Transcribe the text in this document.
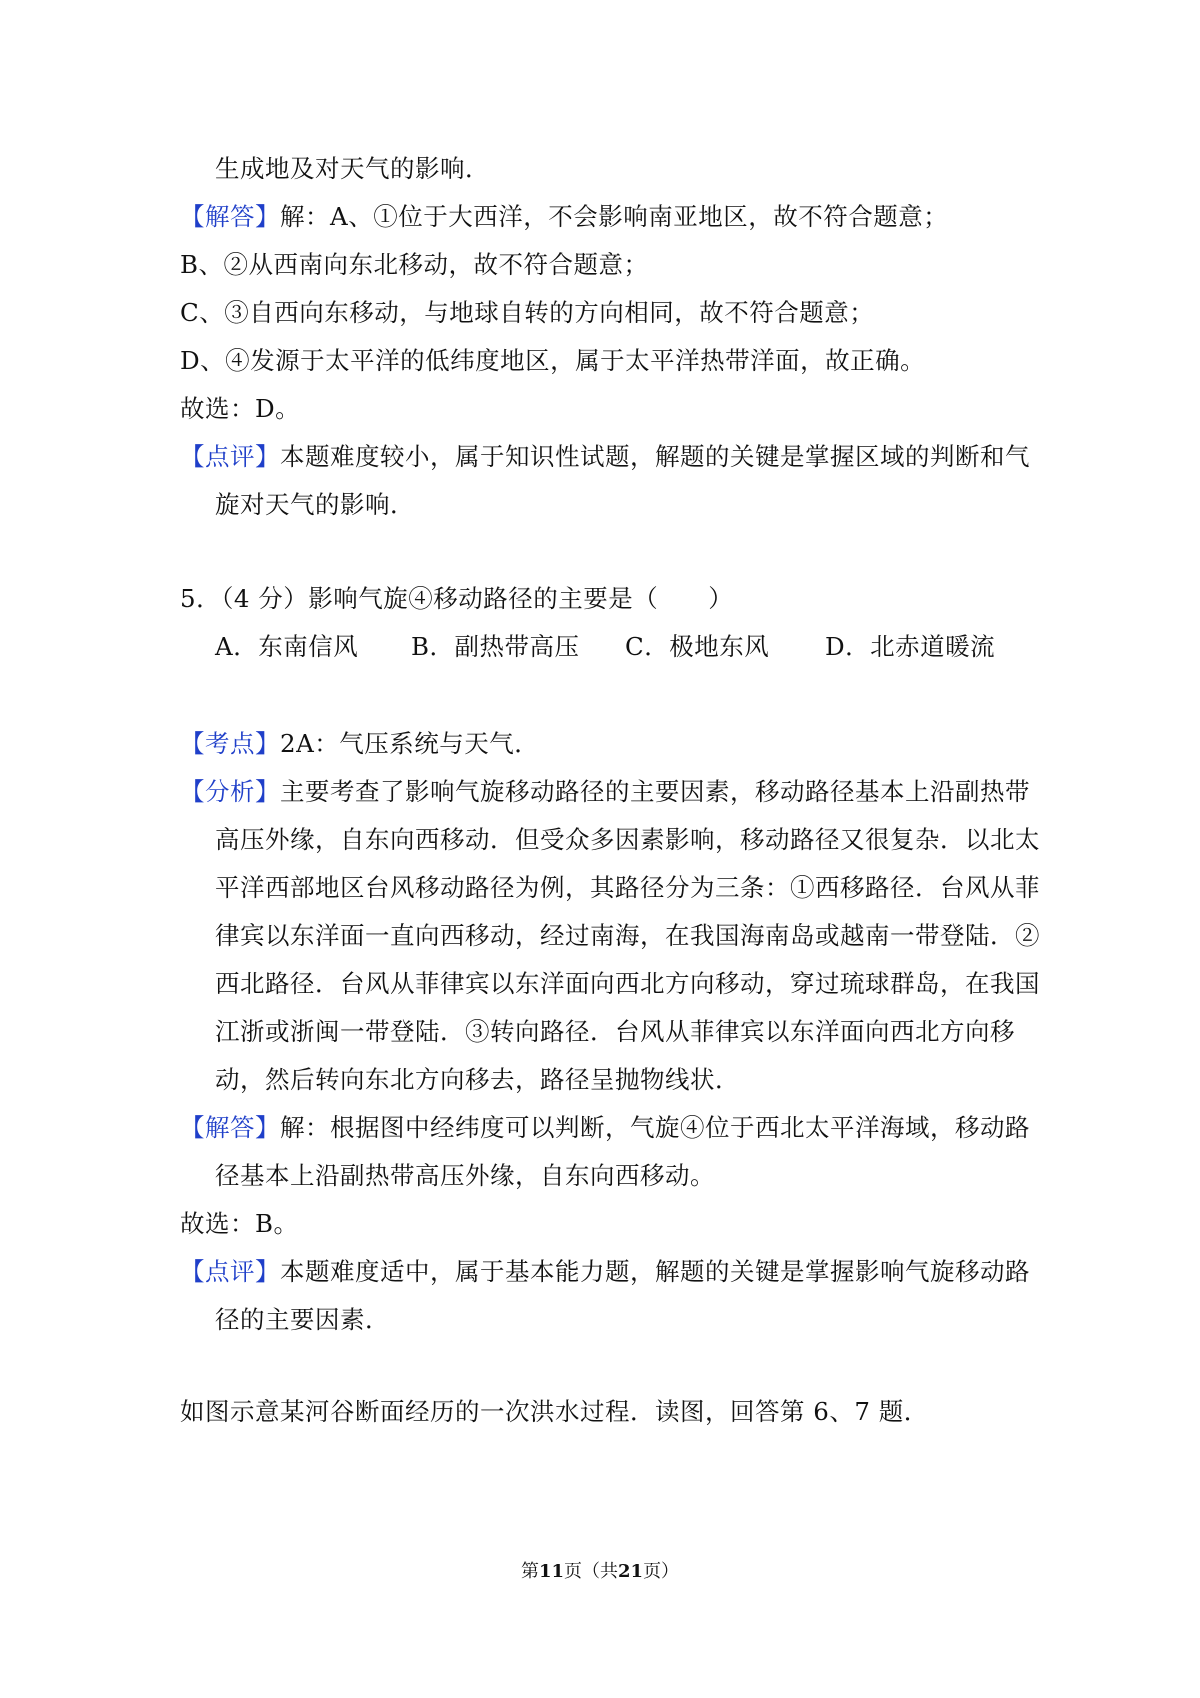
生成地及对天气的影响．
【解答】解：A、①位于大西洋，不会影响南亚地区，故不符合题意；
B、②从西南向东北移动，故不符合题意；
C、③自西向东移动，与地球自转的方向相同，故不符合题意；
D、④发源于太平洋的低纬度地区，属于太平洋热带洋面，故正确。
故选：D。
【点评】本题难度较小，属于知识性试题，解题的关键是掌握区域的判断和气
旋对天气的影响．
5．（4 分）影响气旋④移动路径的主要是（　　）
A．东南信风 B．副热带高压 C．极地东风 D．北赤道暖流
【考点】2A：气压系统与天气．
【分析】主要考查了影响气旋移动路径的主要因素，移动路径基本上沿副热带
高压外缘，自东向西移动．但受众多因素影响，移动路径又很复杂．以北太
平洋西部地区台风移动路径为例，其路径分为三条：①西移路径．台风从菲
律宾以东洋面一直向西移动，经过南海，在我国海南岛或越南一带登陆．②
西北路径．台风从菲律宾以东洋面向西北方向移动，穿过琉球群岛，在我国
江浙或浙闽一带登陆．③转向路径．台风从菲律宾以东洋面向西北方向移
动，然后转向东北方向移去，路径呈抛物线状．
【解答】解：根据图中经纬度可以判断，气旋④位于西北太平洋海域，移动路
径基本上沿副热带高压外缘，自东向西移动。
故选：B。
【点评】本题难度适中，属于基本能力题，解题的关键是掌握影响气旋移动路
径的主要因素．
如图示意某河谷断面经历的一次洪水过程．读图，回答第 6、7 题．
第11页（共21页）
